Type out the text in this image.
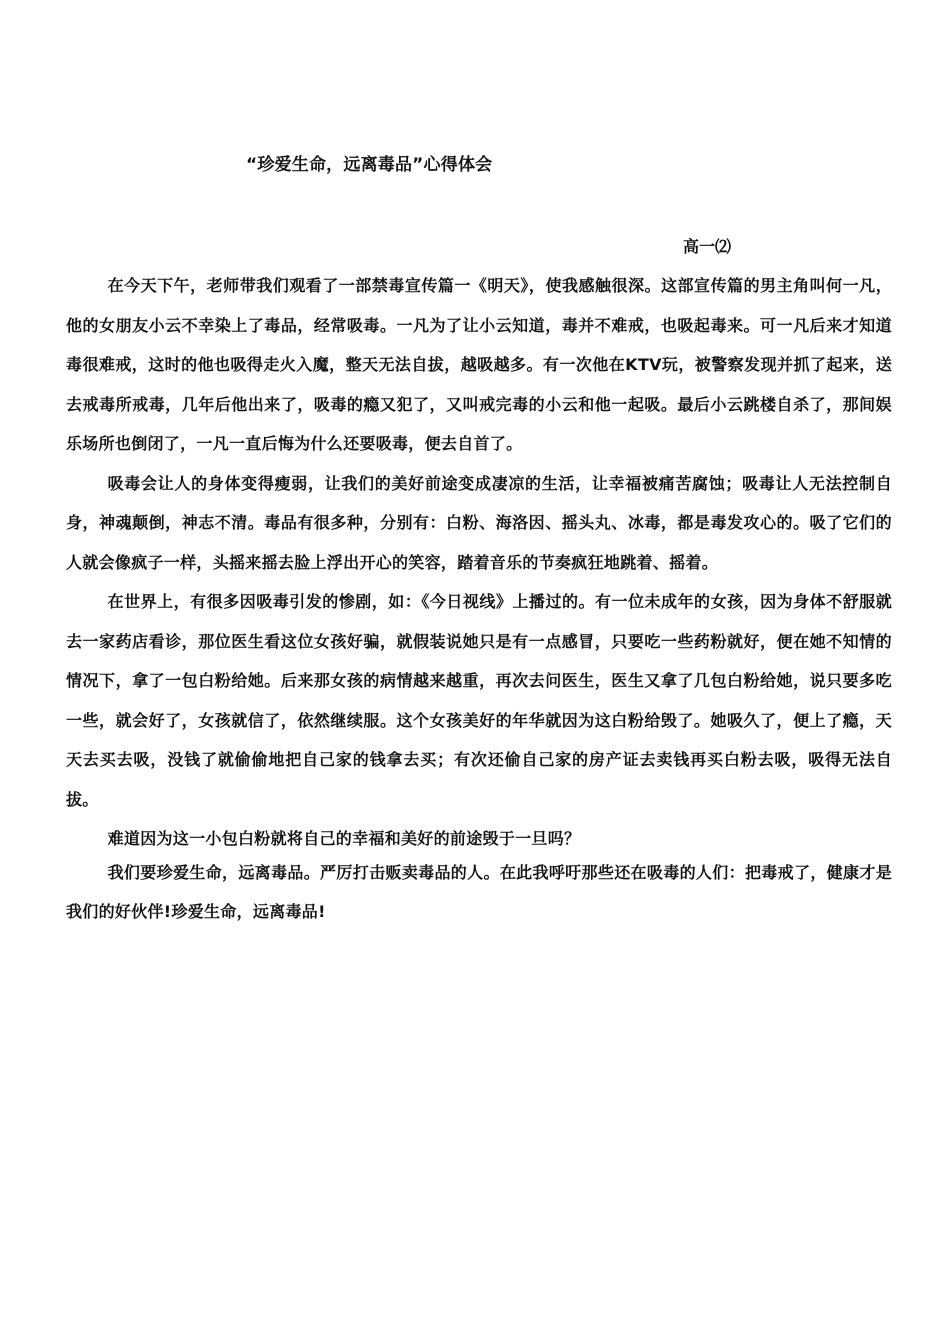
“珍爱生命，远离毒品”心得体会
高一⑵

在今天下午，老师带我们观看了一部禁毒宣传篇一《明天》，使我感触很深。这部宣传篇的男主角叫何一凡，他的女朋友小云不幸染上了毒品，经常吸毒。一凡为了让小云知道，毒并不难戒，也吸起毒来。可一凡后来才知道毒很难戒，这时的他也吸得走火入魔，整天无法自拔，越吸越多。有一次他在KTV玩，被警察发现并抓了起来，送去戒毒所戒毒，几年后他出来了，吸毒的瘾又犯了，又叫戒完毒的小云和他一起吸。最后小云跳楼自杀了，那间娱乐场所也倒闭了，一凡一直后悔为什么还要吸毒，便去自首了。

吸毒会让人的身体变得瘦弱，让我们的美好前途变成凄凉的生活，让幸福被痛苦腐蚀；吸毒让人无法控制自身，神魂颠倒，神志不清。毒品有很多种，分别有：白粉、海洛因、摇头丸、冰毒，都是毒发攻心的。吸了它们的人就会像疯子一样，头摇来摇去脸上浮出开心的笑容，踏着音乐的节奏疯狂地跳着、摇着。

在世界上，有很多因吸毒引发的惨剧，如：《今日视线》上播过的。有一位未成年的女孩，因为身体不舒服就去一家药店看诊，那位医生看这位女孩好骗，就假装说她只是有一点感冒，只要吃一些药粉就好，便在她不知情的情况下，拿了一包白粉给她。后来那女孩的病情越来越重，再次去问医生，医生又拿了几包白粉给她，说只要多吃一些，就会好了，女孩就信了，依然继续服。这个女孩美好的年华就因为这白粉给毁了。她吸久了，便上了瘾，天天去买去吸，没钱了就偷偷地把自己家的钱拿去买；有次还偷自己家的房产证去卖钱再买白粉去吸，吸得无法自拔。

难道因为这一小包白粉就将自己的幸福和美好的前途毁于一旦吗？

我们要珍爱生命，远离毒品。严厉打击贩卖毒品的人。在此我呼吁那些还在吸毒的人们：把毒戒了，健康才是我们的好伙伴!珍爱生命，远离毒品!
